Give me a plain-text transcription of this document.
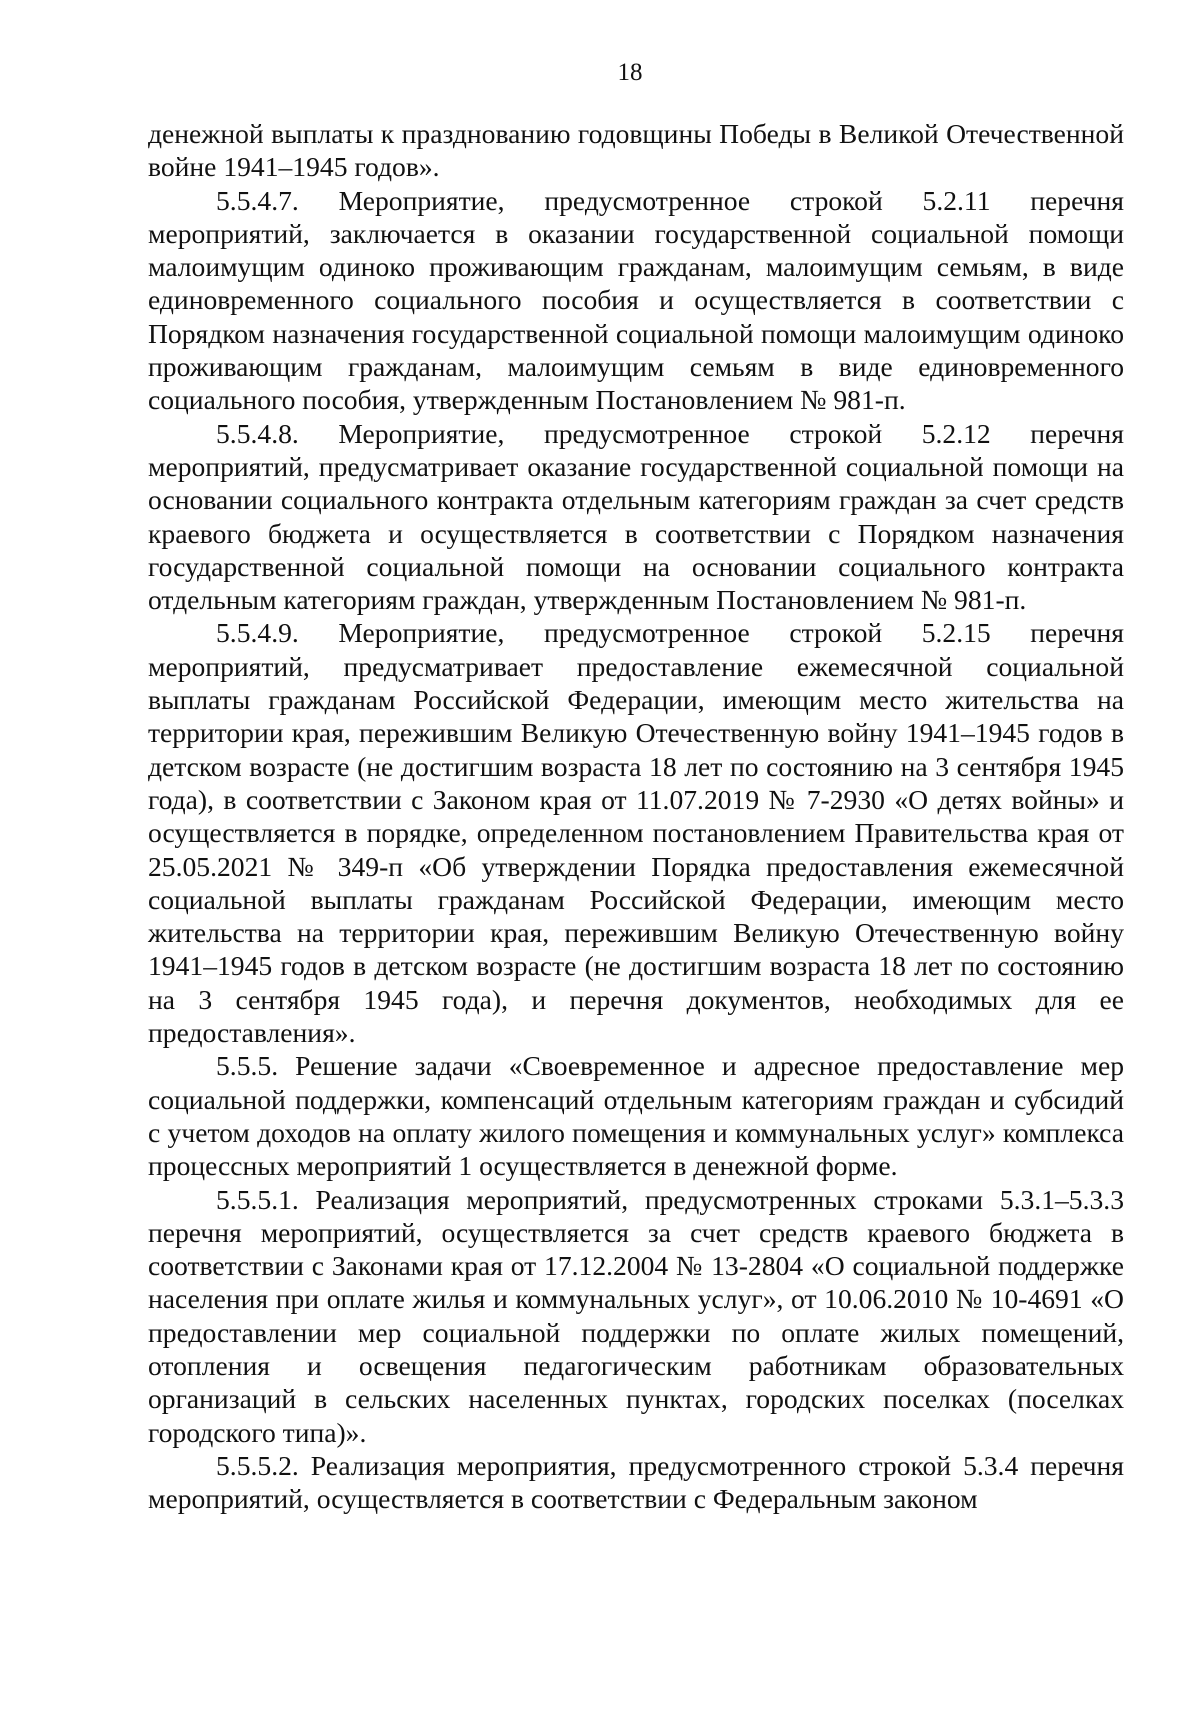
18

денежной выплаты к празднованию годовщины Победы в Великой Отечественной войне 1941–1945 годов».

5.5.4.7. Мероприятие, предусмотренное строкой 5.2.11 перечня мероприятий, заключается в оказании государственной социальной помощи малоимущим одиноко проживающим гражданам, малоимущим семьям, в виде единовременного социального пособия и осуществляется в соответствии с Порядком назначения государственной социальной помощи малоимущим одиноко проживающим гражданам, малоимущим семьям в виде единовременного социального пособия, утвержденным Постановлением № 981-п.

5.5.4.8. Мероприятие, предусмотренное строкой 5.2.12 перечня мероприятий, предусматривает оказание государственной социальной помощи на основании социального контракта отдельным категориям граждан за счет средств краевого бюджета и осуществляется в соответствии с Порядком назначения государственной социальной помощи на основании социального контракта отдельным категориям граждан, утвержденным Постановлением № 981-п.

5.5.4.9. Мероприятие, предусмотренное строкой 5.2.15 перечня мероприятий, предусматривает предоставление ежемесячной социальной выплаты гражданам Российской Федерации, имеющим место жительства на территории края, пережившим Великую Отечественную войну 1941–1945 годов в детском возрасте (не достигшим возраста 18 лет по состоянию на 3 сентября 1945 года), в соответствии с Законом края от 11.07.2019 № 7-2930 «О детях войны» и осуществляется в порядке, определенном постановлением Правительства края от 25.05.2021 № 349-п «Об утверждении Порядка предоставления ежемесячной социальной выплаты гражданам Российской Федерации, имеющим место жительства на территории края, пережившим Великую Отечественную войну 1941–1945 годов в детском возрасте (не достигшим возраста 18 лет по состоянию на 3 сентября 1945 года), и перечня документов, необходимых для ее предоставления».

5.5.5. Решение задачи «Своевременное и адресное предоставление мер социальной поддержки, компенсаций отдельным категориям граждан и субсидий с учетом доходов на оплату жилого помещения и коммунальных услуг» комплекса процессных мероприятий 1 осуществляется в денежной форме.

5.5.5.1. Реализация мероприятий, предусмотренных строками 5.3.1–5.3.3 перечня мероприятий, осуществляется за счет средств краевого бюджета в соответствии с Законами края от 17.12.2004 № 13-2804 «О социальной поддержке населения при оплате жилья и коммунальных услуг», от 10.06.2010 № 10-4691 «О предоставлении мер социальной поддержки по оплате жилых помещений, отопления и освещения педагогическим работникам образовательных организаций в сельских населенных пунктах, городских поселках (поселках городского типа)».

5.5.5.2. Реализация мероприятия, предусмотренного строкой 5.3.4 перечня мероприятий, осуществляется в соответствии с Федеральным законом
